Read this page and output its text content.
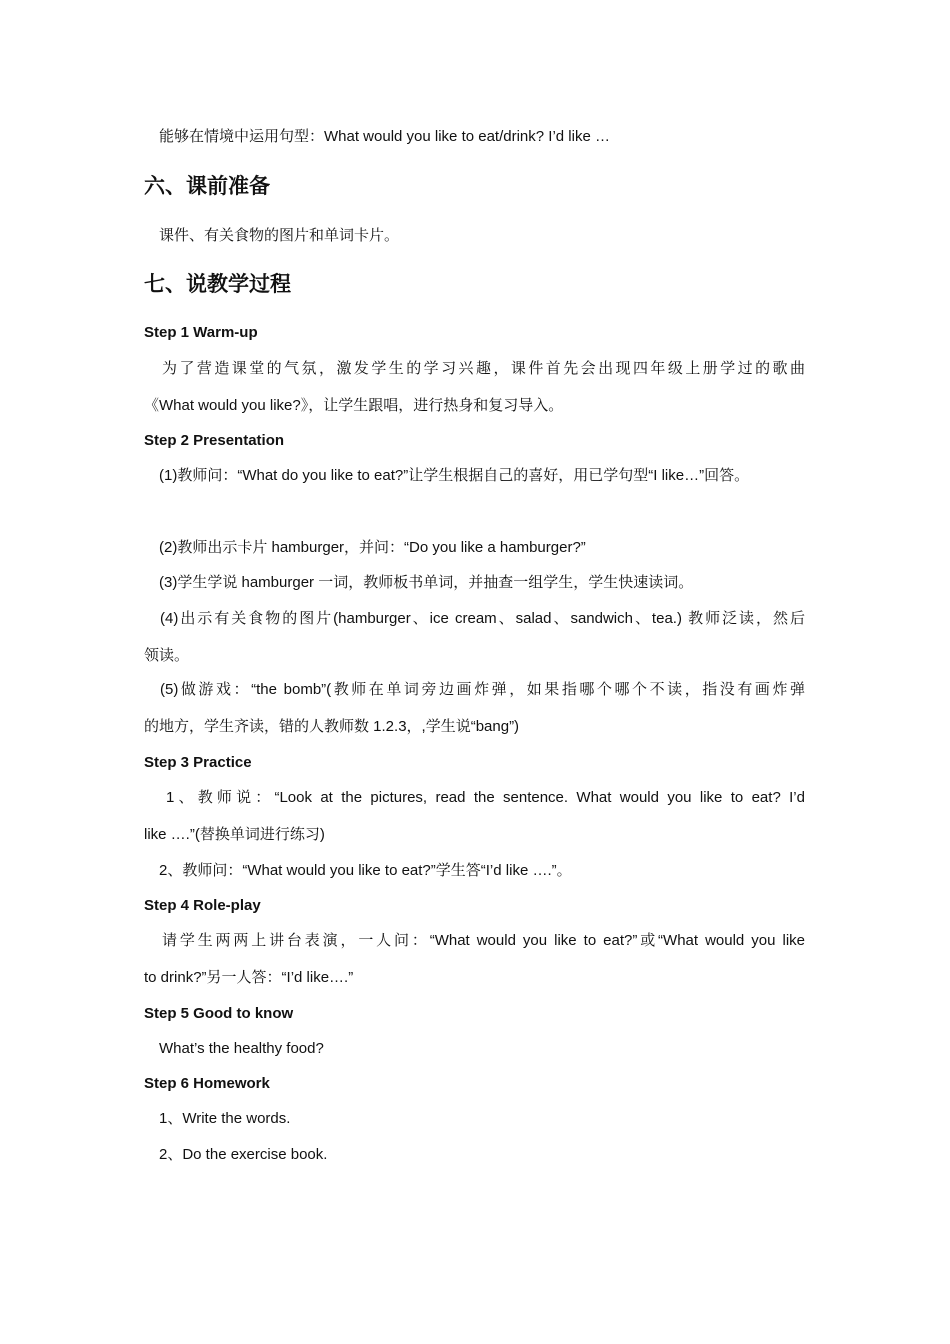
能够在情境中运用句型：What would you like to eat/drink? I’d like …
六、课前准备
课件、有关食物的图片和单词卡片。
七、说教学过程
Step 1 Warm-up
为了营造课堂的气氛，激发学生的学习兴趣，课件首先会出现四年级上册学过的歌曲
《What would you like?》，让学生跟唱，进行热身和复习导入。
Step 2 Presentation
(1)教师问：“What do you like to eat?”让学生根据自己的喜好，用已学句型“I like…”回答。
(2)教师出示卡片 hamburger，并问：“Do you like a hamburger?”
(3)学生学说 hamburger 一词，教师板书单词，并抽查一组学生，学生快速读词。
(4)出示有关食物的图片(hamburger、ice cream、salad、sandwich、tea.) 教师泛读，然后
领读。
(5)做游戏：“the bomb”(教师在单词旁边画炸弹，如果指哪个哪个不读，指没有画炸弹
的地方，学生齐读，错的人教师数 1.2.3，,学生说“bang”)
Step 3 Practice
1、教师说：“Look at the pictures, read the sentence. What would you like to eat? I’d
like ….”(替换单词进行练习)
2、教师问：“What would you like to eat?”学生答“I’d like ….”。
Step 4 Role-play
请学生两两上讲台表演，一人问：“What would you like to eat?”或“What would you like
to drink?”另一人答：“I’d like….”
Step 5 Good to know
What’s the healthy food?
Step 6 Homework
1、Write the words.
2、Do the exercise book.
